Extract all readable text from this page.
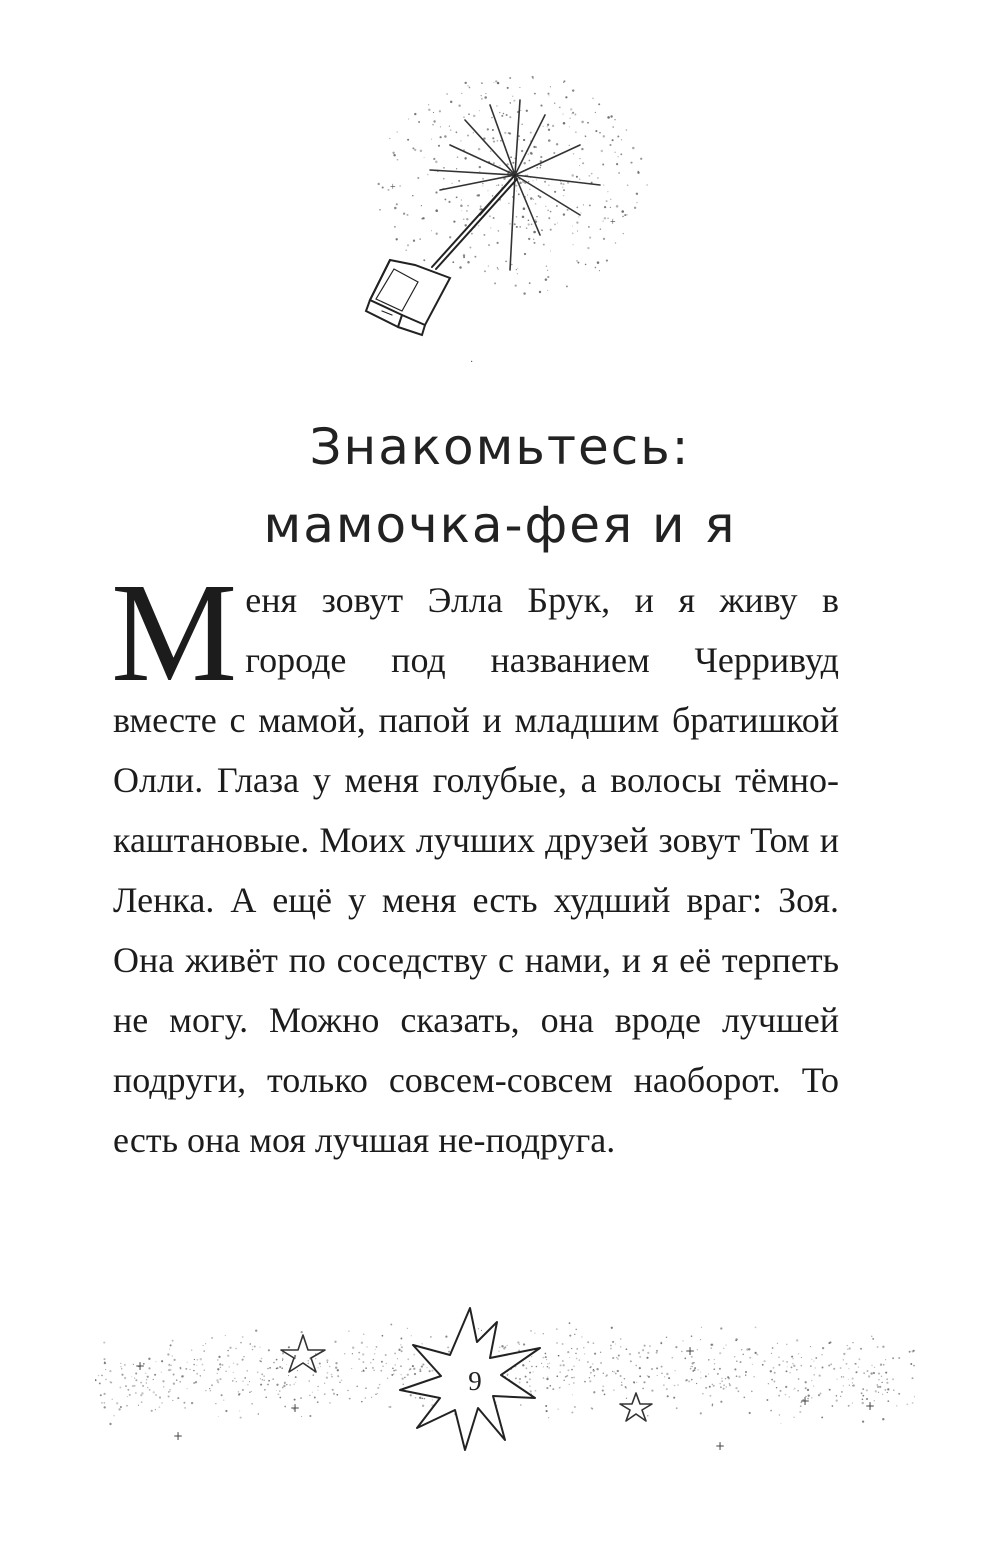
+
+
·
Знакомьтесь:
мамочка-фея и я

Меня зовут Элла Брук, и я живу в городе под названием Черривуд вместе с мамой, папой и младшим братишкой Олли. Глаза у меня голубые, а волосы тёмно-каштановые. Моих лучших друзей зовут Том и Ленка. А ещё у меня есть худший враг: Зоя. Она живёт по соседству с нами, и я её терпеть не могу. Можно сказать, она вроде лучшей подруги, только совсем-совсем наоборот. То есть она моя лучшая не-подруга.

+
+
+
+
+
+	+
9
